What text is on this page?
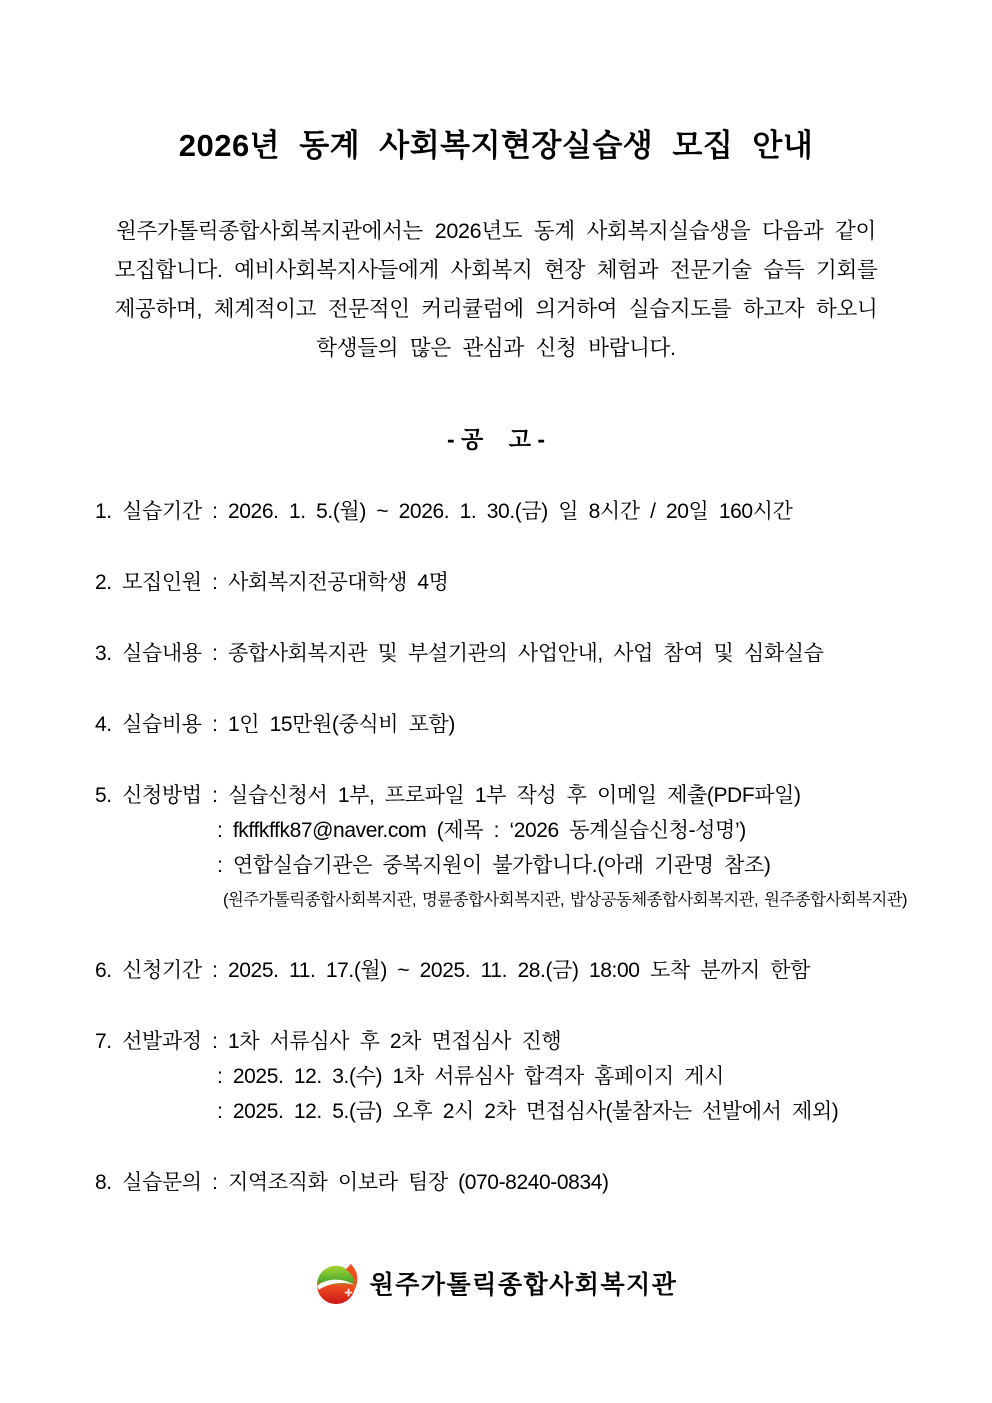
2026년 동계 사회복지현장실습생 모집 안내
원주가톨릭종합사회복지관에서는 2026년도 동계 사회복지실습생을 다음과 같이
모집합니다. 예비사회복지사들에게 사회복지 현장 체험과 전문기술 습득 기회를
제공하며, 체계적이고 전문적인 커리큘럼에 의거하여 실습지도를 하고자 하오니
학생들의 많은 관심과 신청 바랍니다.
- 공    고 -
1. 실습기간 : 2026. 1. 5.(월) ~ 2026. 1. 30.(금) 일 8시간 / 20일 160시간
2. 모집인원 : 사회복지전공대학생 4명
3. 실습내용 : 종합사회복지관 및 부설기관의 사업안내, 사업 참여 및 심화실습
4. 실습비용 : 1인 15만원(중식비 포함)
5. 신청방법 : 실습신청서 1부, 프로파일 1부 작성 후 이메일 제출(PDF파일)
: fkffkffk87@naver.com (제목 : ‘2026 동계실습신청-성명’)
: 연합실습기관은 중복지원이 불가합니다.(아래 기관명 참조)
(원주가톨릭종합사회복지관, 명륜종합사회복지관, 밥상공동체종합사회복지관, 원주종합사회복지관)
6. 신청기간 : 2025. 11. 17.(월) ~ 2025. 11. 28.(금) 18:00 도착 분까지 한함
7. 선발과정 : 1차 서류심사 후 2차 면접심사 진행
: 2025. 12. 3.(수) 1차 서류심사 합격자 홈페이지 게시
: 2025. 12. 5.(금) 오후 2시 2차 면접심사(불참자는 선발에서 제외)
8. 실습문의 : 지역조직화 이보라 팀장 (070-8240-0834)
원주가톨릭종합사회복지관
